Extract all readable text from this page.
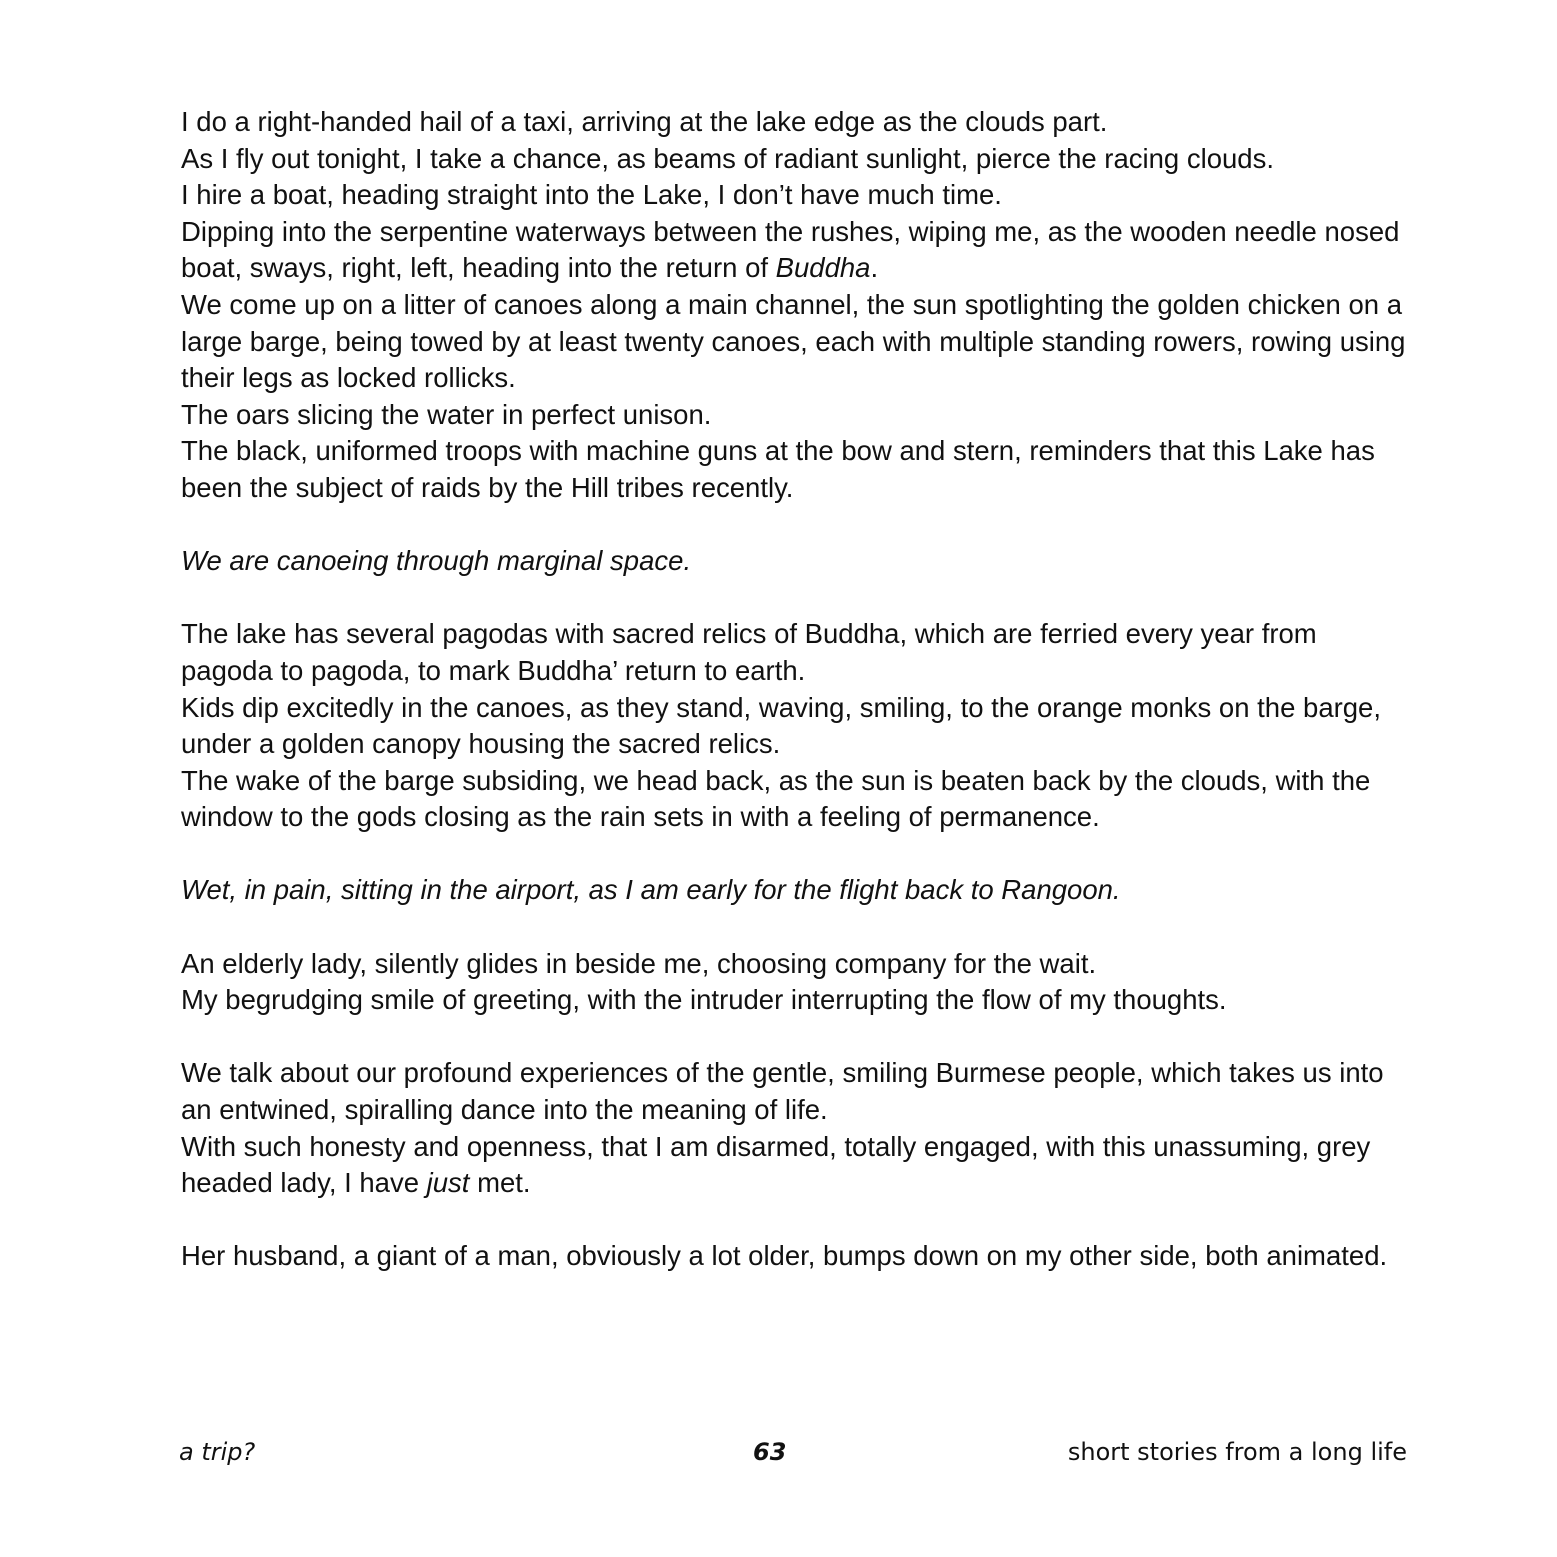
I do a right-handed hail of a taxi, arriving at the lake edge as the clouds part.

As I fly out tonight, I take a chance, as beams of radiant sunlight, pierce the racing clouds.

I hire a boat, heading straight into the Lake, I don’t have much time.

Dipping into the serpentine waterways between the rushes, wiping me, as the wooden needle nosed boat, sways, right, left, heading into the return of Buddha.

We come up on a litter of canoes along a main channel, the sun spotlighting the golden chicken on a large barge, being towed by at least twenty canoes, each with multiple standing rowers, rowing using their legs as locked rollicks.

The oars slicing the water in perfect unison.

The black, uniformed troops with machine guns at the bow and stern, reminders that this Lake has been the subject of raids by the Hill tribes recently.

We are canoeing through marginal space.

The lake has several pagodas with sacred relics of Buddha, which are ferried every year from pagoda to pagoda, to mark Buddha’ return to earth.

Kids dip excitedly in the canoes, as they stand, waving, smiling, to the orange monks on the barge, under a golden canopy housing the sacred relics.

The wake of the barge subsiding, we head back, as the sun is beaten back by the clouds, with the window to the gods closing as the rain sets in with a feeling of permanence.

Wet, in pain, sitting in the airport, as I am early for the flight back to Rangoon.

An elderly lady, silently glides in beside me, choosing company for the wait.

My begrudging smile of greeting, with the intruder interrupting the flow of my thoughts.

We talk about our profound experiences of the gentle, smiling Burmese people, which takes us into an entwined, spiralling dance into the meaning of life.

With such honesty and openness, that I am disarmed, totally engaged, with this unassuming, grey headed lady, I have just met.

Her husband, a giant of a man, obviously a lot older, bumps down on my other side, both animated.

a trip?	63	short stories from a long life
